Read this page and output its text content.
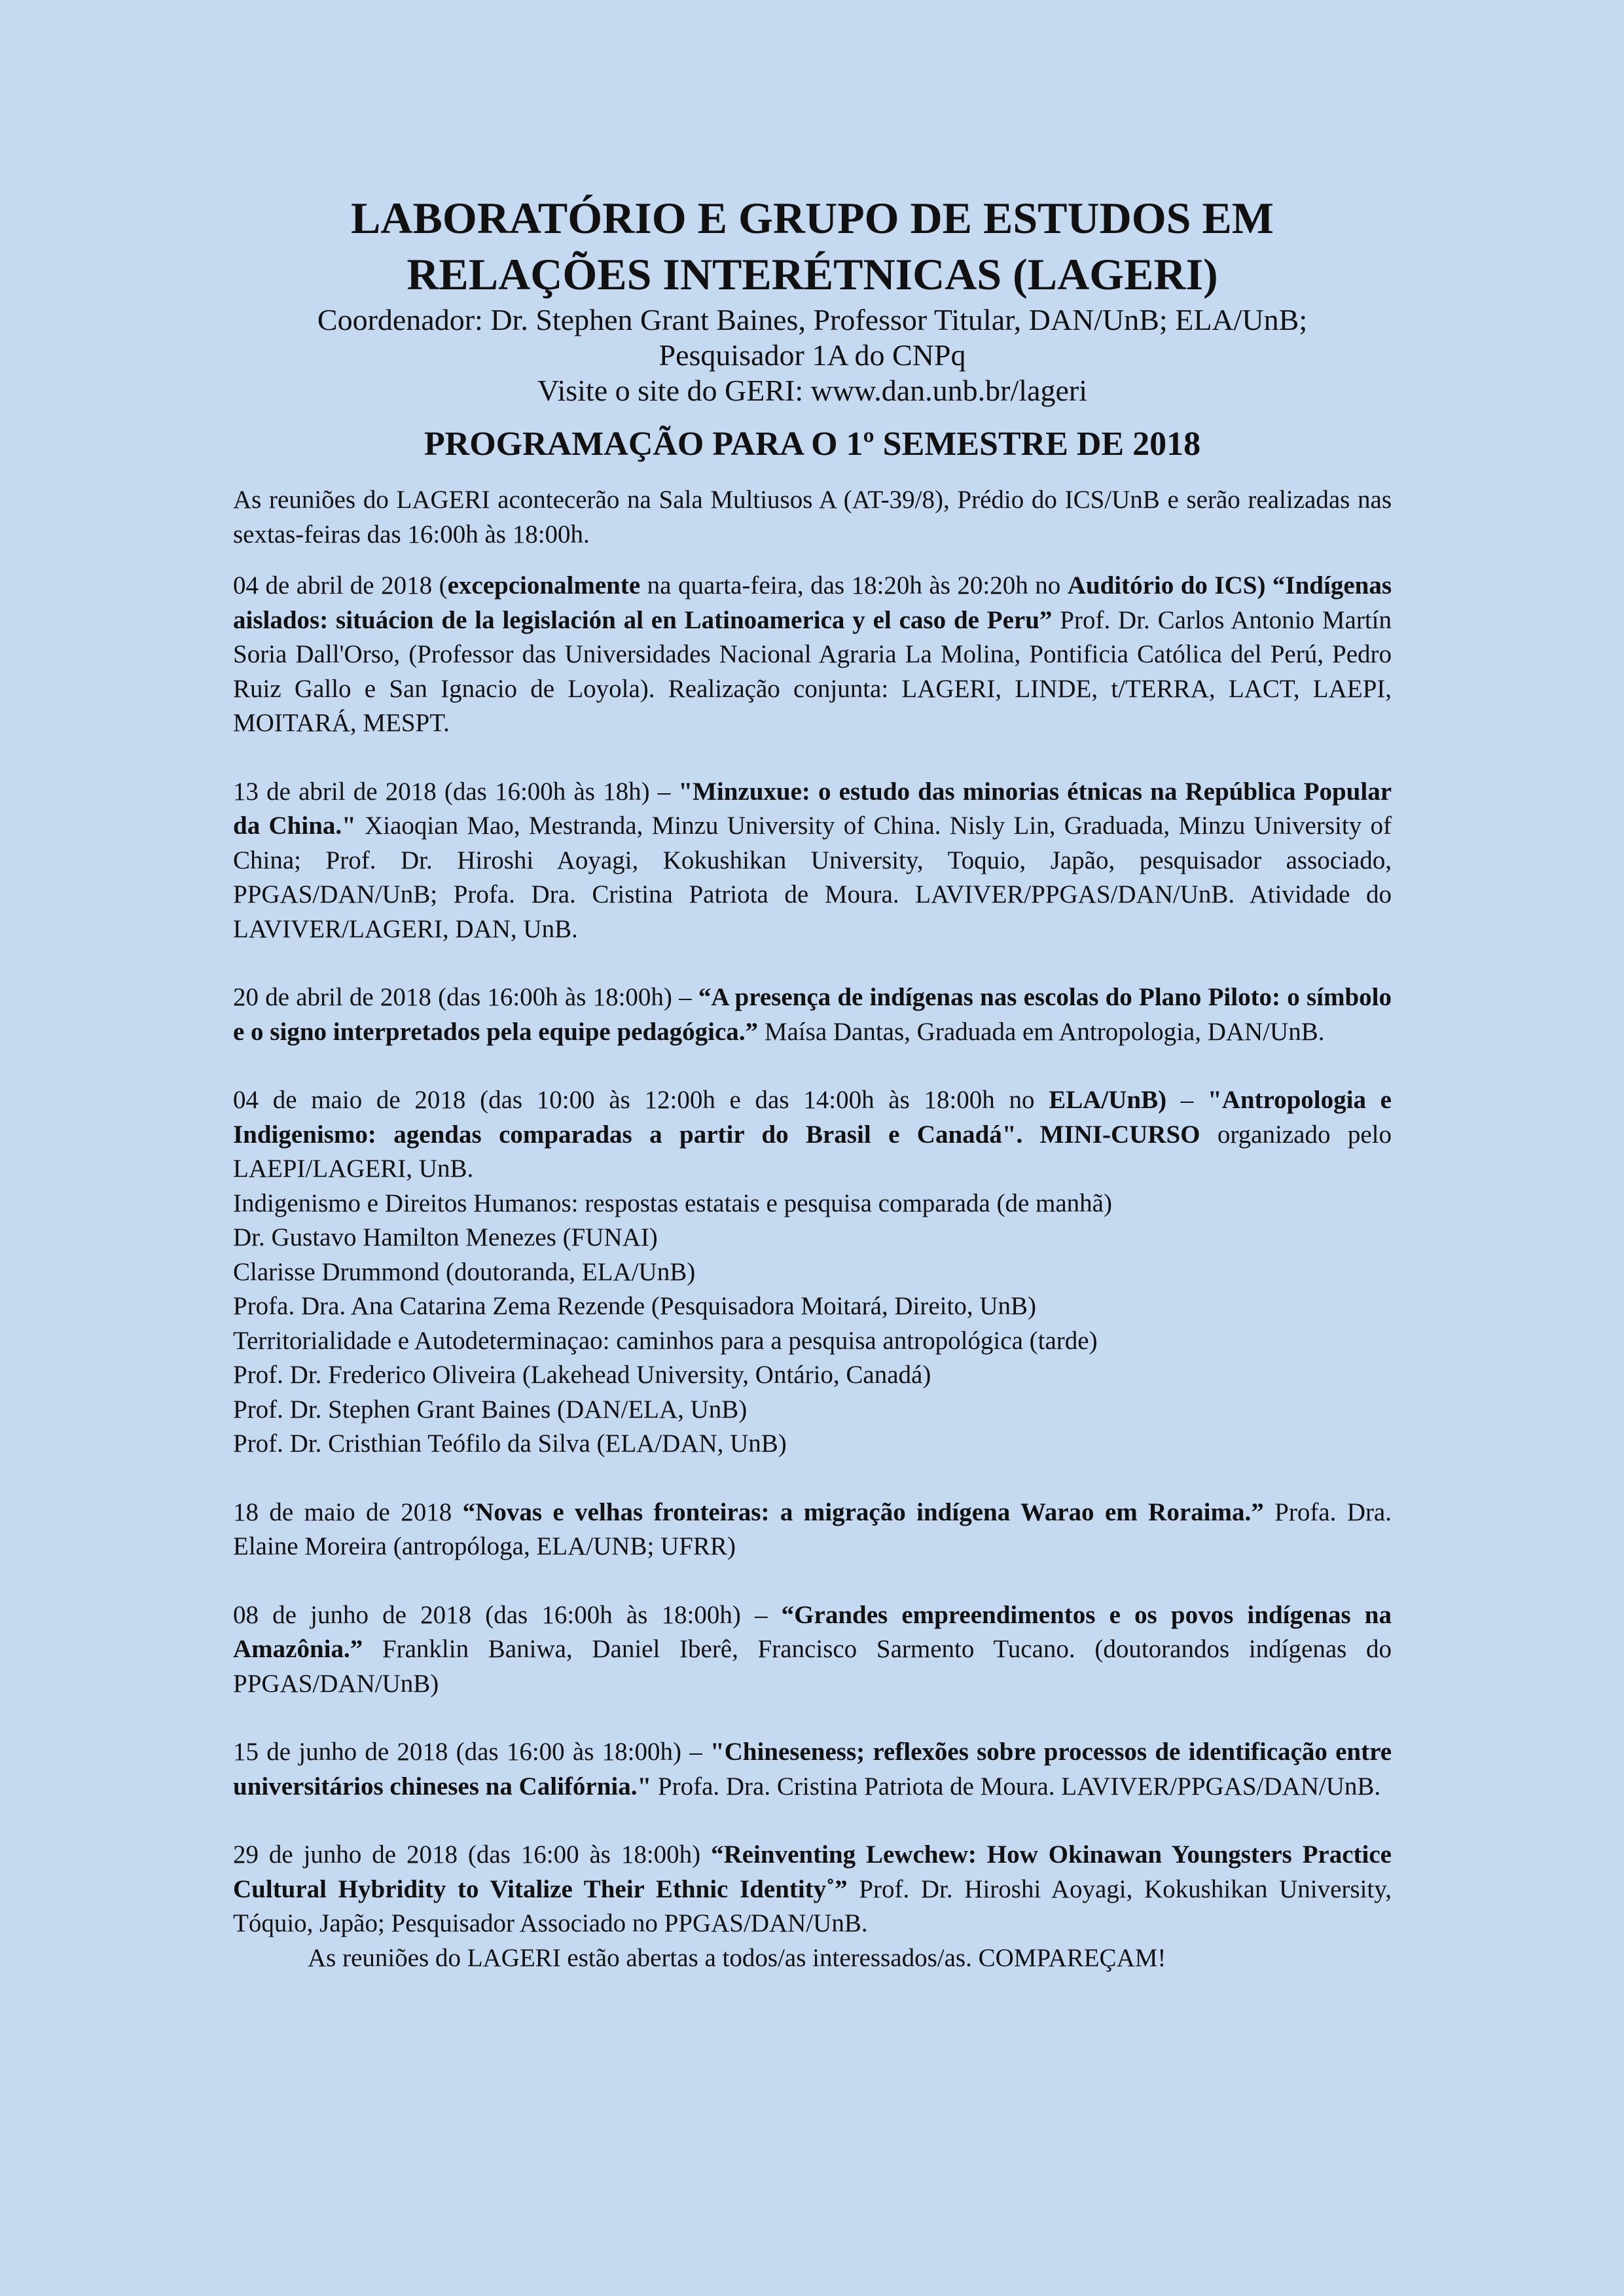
LABORATÓRIO E GRUPO DE ESTUDOS EM
RELAÇÕES INTERÉTNICAS (LAGERI)

Coordenador: Dr. Stephen Grant Baines, Professor Titular, DAN/UnB; ELA/UnB;

Pesquisador 1A do CNPq

Visite o site do GERI: www.dan.unb.br/lageri

PROGRAMAÇÃO PARA O 1º SEMESTRE DE 2018

As reuniões do LAGERI acontecerão na Sala Multiusos A (AT-39/8), Prédio do ICS/UnB e serão realizadas nas sextas-feiras das 16:00h às 18:00h.

04 de abril de 2018 (excepcionalmente na quarta-feira, das 18:20h às 20:20h no Auditório do ICS) “Indígenas aislados: situácion de la legislación al en Latinoamerica y el caso de Peru” Prof. Dr. Carlos Antonio Martín Soria Dall'Orso, (Professor das Universidades Nacional Agraria La Molina, Pontificia Católica del Perú, Pedro Ruiz Gallo e San Ignacio de Loyola). Realização conjunta: LAGERI, LINDE, t/TERRA, LACT, LAEPI, MOITARÁ, MESPT.

13 de abril de 2018 (das 16:00h às 18h) – "Minzuxue: o estudo das minorias étnicas na República Popular da China." Xiaoqian Mao, Mestranda, Minzu University of China. Nisly Lin, Graduada, Minzu University of China; Prof. Dr. Hiroshi Aoyagi, Kokushikan University, Toquio, Japão, pesquisador associado, PPGAS/DAN/UnB; Profa. Dra. Cristina Patriota de Moura. LAVIVER/PPGAS/DAN/UnB. Atividade do LAVIVER/LAGERI, DAN, UnB.

20 de abril de 2018 (das 16:00h às 18:00h) – “A presença de indígenas nas escolas do Plano Piloto: o símbolo e o signo interpretados pela equipe pedagógica.” Maísa Dantas, Graduada em Antropologia, DAN/UnB.

04 de maio de 2018 (das 10:00 às 12:00h e das 14:00h às 18:00h no ELA/UnB) – "Antropologia e Indigenismo: agendas comparadas a partir do Brasil e Canadá". MINI-CURSO organizado pelo LAEPI/LAGERI, UnB.

Indigenismo e Direitos Humanos: respostas estatais e pesquisa comparada (de manhã)

Dr. Gustavo Hamilton Menezes (FUNAI)

Clarisse Drummond (doutoranda, ELA/UnB)

Profa. Dra. Ana Catarina Zema Rezende (Pesquisadora Moitará, Direito, UnB)

Territorialidade e Autodeterminaçao: caminhos para a pesquisa antropológica (tarde)

Prof. Dr. Frederico Oliveira (Lakehead University, Ontário, Canadá)

Prof. Dr. Stephen Grant Baines (DAN/ELA, UnB)

Prof. Dr. Cristhian Teófilo da Silva (ELA/DAN, UnB)

18 de maio de 2018 “Novas e velhas fronteiras: a migração indígena Warao em Roraima.” Profa. Dra. Elaine Moreira (antropóloga, ELA/UNB; UFRR)

08 de junho de 2018 (das 16:00h às 18:00h) – “Grandes empreendimentos e os povos indígenas na Amazônia.” Franklin Baniwa, Daniel Iberê, Francisco Sarmento Tucano. (doutorandos indígenas do PPGAS/DAN/UnB)

15 de junho de 2018 (das 16:00 às 18:00h) – "Chineseness; reflexões sobre processos de identificação entre universitários chineses na Califórnia." Profa. Dra. Cristina Patriota de Moura. LAVIVER/PPGAS/DAN/UnB.

29 de junho de 2018 (das 16:00 às 18:00h) “Reinventing Lewchew: How Okinawan Youngsters Practice Cultural Hybridity to Vitalize Their Ethnic Identity˚” Prof. Dr. Hiroshi Aoyagi, Kokushikan University, Tóquio, Japão; Pesquisador Associado no PPGAS/DAN/UnB.

As reuniões do LAGERI estão abertas a todos/as interessados/as. COMPAREÇAM!
